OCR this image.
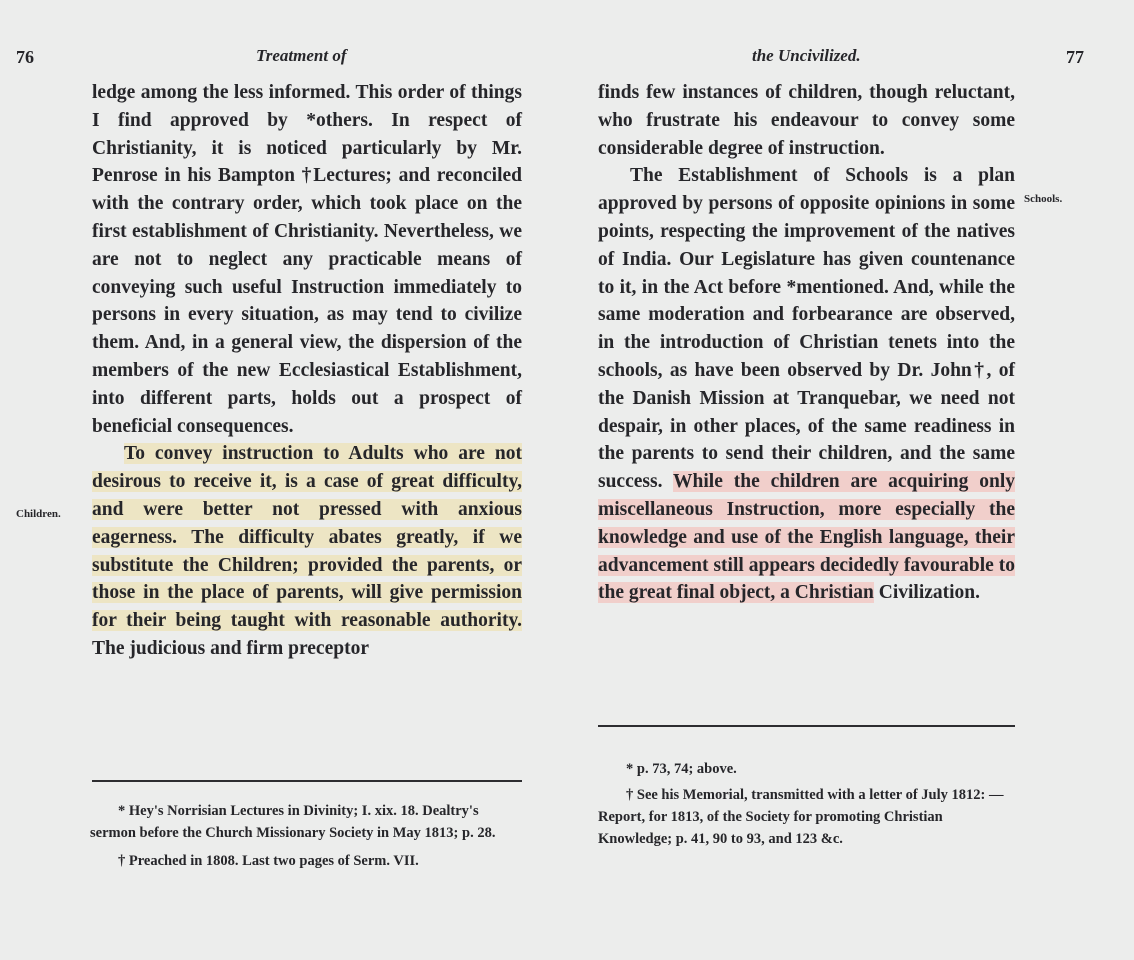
76	Treatment of

ledge among the less informed. This order of things I find approved by *others. In respect of Christianity, it is noticed particularly by Mr. Penrose in his Bampton †Lectures; and reconciled with the contrary order, which took place on the first establishment of Christianity. Nevertheless, we are not to neglect any practicable means of conveying such useful Instruction immediately to persons in every situation, as may tend to civilize them. And, in a general view, the dispersion of the members of the new Ecclesiastical Establishment, into different parts, holds out a prospect of beneficial consequences.

To convey instruction to Adults who are not desirous to receive it, is a case of great difficulty, and were better not pressed with anxious eagerness. The difficulty abates greatly, if we substitute the Children; provided the parents, or those in the place of parents, will give permission for their being taught with reasonable authority. The judicious and firm preceptor

Children.

* Hey's Norrisian Lectures in Divinity; I. xix. 18. Dealtry's sermon before the Church Missionary Society in May 1813; p. 28.

† Preached in 1808. Last two pages of Serm. VII.

the Uncivilized.	77

finds few instances of children, though reluctant, who frustrate his endeavour to convey some considerable degree of instruction.

The Establishment of Schools is a plan approved by persons of opposite opinions in some points, respecting the improvement of the natives of India. Our Legislature has given countenance to it, in the Act before *mentioned. And, while the same moderation and forbearance are observed, in the introduction of Christian tenets into the schools, as have been observed by Dr. John†, of the Danish Mission at Tranquebar, we need not despair, in other places, of the same readiness in the parents to send their children, and the same success. While the children are acquiring only miscellaneous Instruction, more especially the knowledge and use of the English language, their advancement still appears decidedly favourable to the great final object, a Christian Civilization.

Schools.

* p. 73, 74; above.

† See his Memorial, transmitted with a letter of July 1812: — Report, for 1813, of the Society for promoting Christian Knowledge; p. 41, 90 to 93, and 123 &c.
